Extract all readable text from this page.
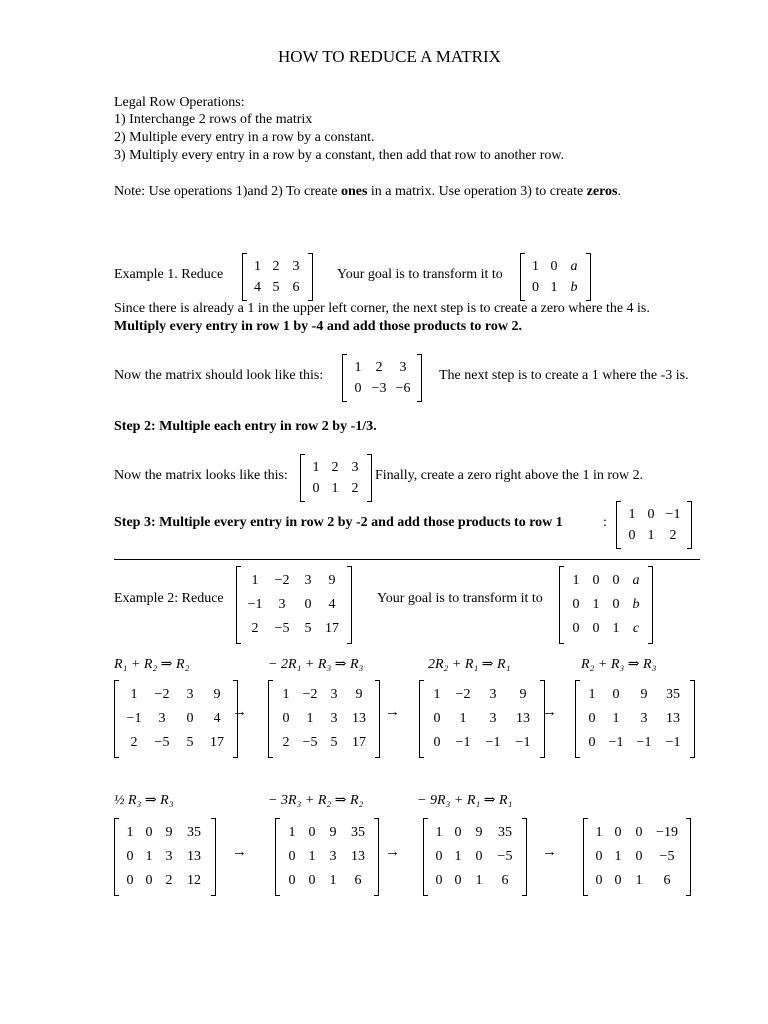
HOW TO REDUCE A MATRIX
Legal Row Operations:
1) Interchange 2 rows of the matrix
2) Multiple every entry in a row by a constant.
3) Multiply every entry in a row by a constant, then add that row to another row.
Note: Use operations 1)and 2) To create ones in a matrix. Use operation 3) to create zeros.
Example 1. Reduce
1 2 3
4 5 6
Your goal is to transform it to
1 0 a
0 1 b
Since there is already a 1 in the upper left corner, the next step is to create a zero where the 4 is.
Multiply every entry in row 1 by -4 and add those products to row 2.
Now the matrix should look like this:
1	2	3
0 −3 −6
The next step is to create a 1 where the -3 is.
Step 2: Multiple each entry in row 2 by -1/3.
Now the matrix looks like this:
1 2 3
0 1 2
Finally, create a zero right above the 1 in row 2.
Step 3: Multiple every entry in row 2 by -2 and add those products to row 1	:
1 0 −1
0 1	2
Example 2: Reduce
1	−2	3	9
−1	3	0	4
2	−5	5 17
Your goal is to transform it to
1 0 0 a
0 1 0 b
0 0 1 c
R₁ + R₂ ⇒ R₂	− 2R₁ + R₃ ⇒ R₃	2R₂ + R₁ ⇒ R₁	R₂ + R₃ ⇒ R₃
1	−2	3	9
−1	3	0	4
2	−5	5	17
→
1 −2 3	9
0	1	3	13
2 −5 5	17
→
1	−2	3	9
0	1	3	13
0	−1	−1	−1
→
1	0	9	35
0	1	3	13
0 −1 −1	−1
½ R₃ ⇒ R₃	− 3R₃ + R₂ ⇒ R₂	− 9R₃ + R₁ ⇒ R₁
1 0 9	35
0 1 3	13
0 0 2	12
→
1 0	9	35
0 1	3	13
0 0	1	6
→
1 0	9	35
0 1	0	−5
0 0	1	6
→
1 0	0 −19
0 1	0	−5
0 0	1	6
